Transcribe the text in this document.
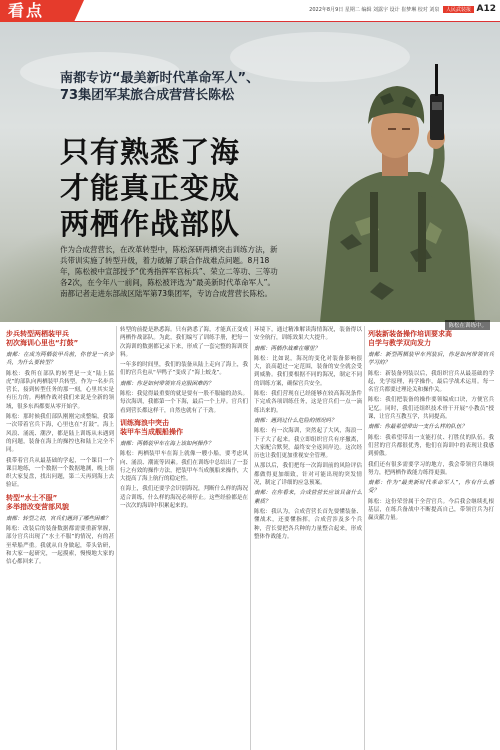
看点	2022年8月9日 星期二 编辑 刘露宇 设计 崔梦琳 校对 刘泉 人民武装报 A12
南都专访“最美新时代革命军人”、
73集团军某旅合成营营长陈松
只有熟悉了海
才能真正变成
两栖作战部队
作为合成营营长，在改革转型中，陈松深研两栖突击训练方法，新兵带训实施了转型升级，着力破解了联合作战难点问题。8月18年，陈松被中宣部授予“优秀指挥军官标兵”、荣立二等功、三等功各2次，在今年八一前间，陈松被评选为“最美新时代革命军人”。南都记者走进东部战区陆军第73集团军，专访合成营营长陈松。
陈松在训练中。
步兵转型两栖装甲兵
初次海训心里也“打鼓”

南都：在成为两栖装甲兵前，你曾是一名步兵，为什么要转型？

陈松：我所在部队的转型是一支“陆上猛虎”的部队向两栖装甲兵转型。作为一名步兵营长，接到转型任务的那一刻，心里其实是有压力的。两栖作战对我们来说是全新的领域，很多东西都要从零开始学。

陈松：那时候我们部队刚刚完成整编，我第一次带着官兵下海，心里也在“打鼓”。海上风浪、涌流、潮汐，都是陆上训练从未遇到的问题，装备在海上的操控也和陆上完全不同。

我带着官兵从最基础的学起，一个课目一个课目地练，一个数据一个数据地测，晚上组织大家复盘，找出问题，第二天再到海上去验证。

转型“水土不服”
多举措改变营部风貌

南都：转型之初，官兵们遇到了哪些困难？

陈松：改装后的装备数据都需要重新掌握，部分官兵出现了“水土不服”的情况，有的甚至晕船严重。我就从自身做起，带头钻研，和大家一起研究，一起摸索，慢慢地大家的信心都回来了。

转型的前提是熟悉海。只有熟悉了海，才能真正变成两栖作战部队。为此，我们编写了训练手册，把每一次海训的数据都记录下来，形成了一套完整的海训资料。

一年多的时间里，我们的装备从陆上走向了海上，我们的官兵也从“旱鸭子”变成了“海上蛟龙”。

南都：你是如何带领官兵克服困难的？

陈松：我觉得最重要的就是要有一股不服输的劲头。每次海训，我都第一个下海，最后一个上岸。官兵们看到营长都这样干，自然也就有了干劲。

训练海浪中突击
装甲车当成舰船操作

南都：两栖装甲车在海上该如何操作？

陈松：两栖装甲车在海上就像一艘小船，要考虑风向、涌浪、潮流等因素。我们在训练中总结出了一套行之有效的操作方法，把装甲车当成舰船来操作，大大提高了海上航行的稳定性。

在海上，我们还要学会识别海况，判断什么样的海况适合训练，什么样的海况必须停止。这些经验都是在一次次的海训中积累起来的。

环境下，通过精准解读海情海况，装备得以安全航行，训练效果大大提升。

南都：两栖作战难在哪里？

陈松：比如说，海况的变化对装备影响很大，浪高超过一定范围，装备的安全就会受到威胁。我们要根据不同的海况，制定不同的训练方案，确保官兵安全。

陈松：我们营现在已经能够在较高海况条件下完成各项训练任务，这是官兵们一点一滴练出来的。

南都：遇到过什么危险的情况吗？

陈松：有一次海训，突然起了大风，海浪一下子大了起来。我立即组织官兵有序撤离，大家配合默契，最终安全返回岸边。这次经历也让我们更加重视安全管理。

从那以后，我们把每一次海训前的风险评估都做得更加细致，针对可能出现的突发情况，制定了详细的应急预案。

南都：在你看来，合成营营长应该具备什么素质？

陈松：我认为，合成营营长首先要懂装备、懂战术，还要懂指挥。合成营涉及多个兵种，营长要把各兵种的力量整合起来，形成整体作战能力。

列装新装备操作培训要求高
自学与教学双向发力

南都：新型两栖装甲车列装后，你是如何带领官兵学习的？

陈松：新装备列装以后，我组织官兵从最基础的学起，先学原理，再学操作，最后学战术运用。每一名官兵都要过理论关和操作关。

陈松：我们把装备的操作要领编成口诀，方便官兵记忆。同时，我们还组织技术骨干开展“小教员”授课，让官兵互教互学，共同提高。

南都：你最希望带出一支什么样的队伍？

陈松：我希望带出一支能打仗、打胜仗的队伍。我们营的官兵都很优秀，他们在海训中的表现让我感到骄傲。

我们还有很多需要学习的地方，我会带领官兵继续努力，把两栖作战能力练得更强。

南都：作为“最美新时代革命军人”，你有什么感受？

陈松：这份荣誉属于全营官兵。今后我会继续扎根基层，在练兵备战中不断提高自己，带领官兵为打赢贡献力量。
